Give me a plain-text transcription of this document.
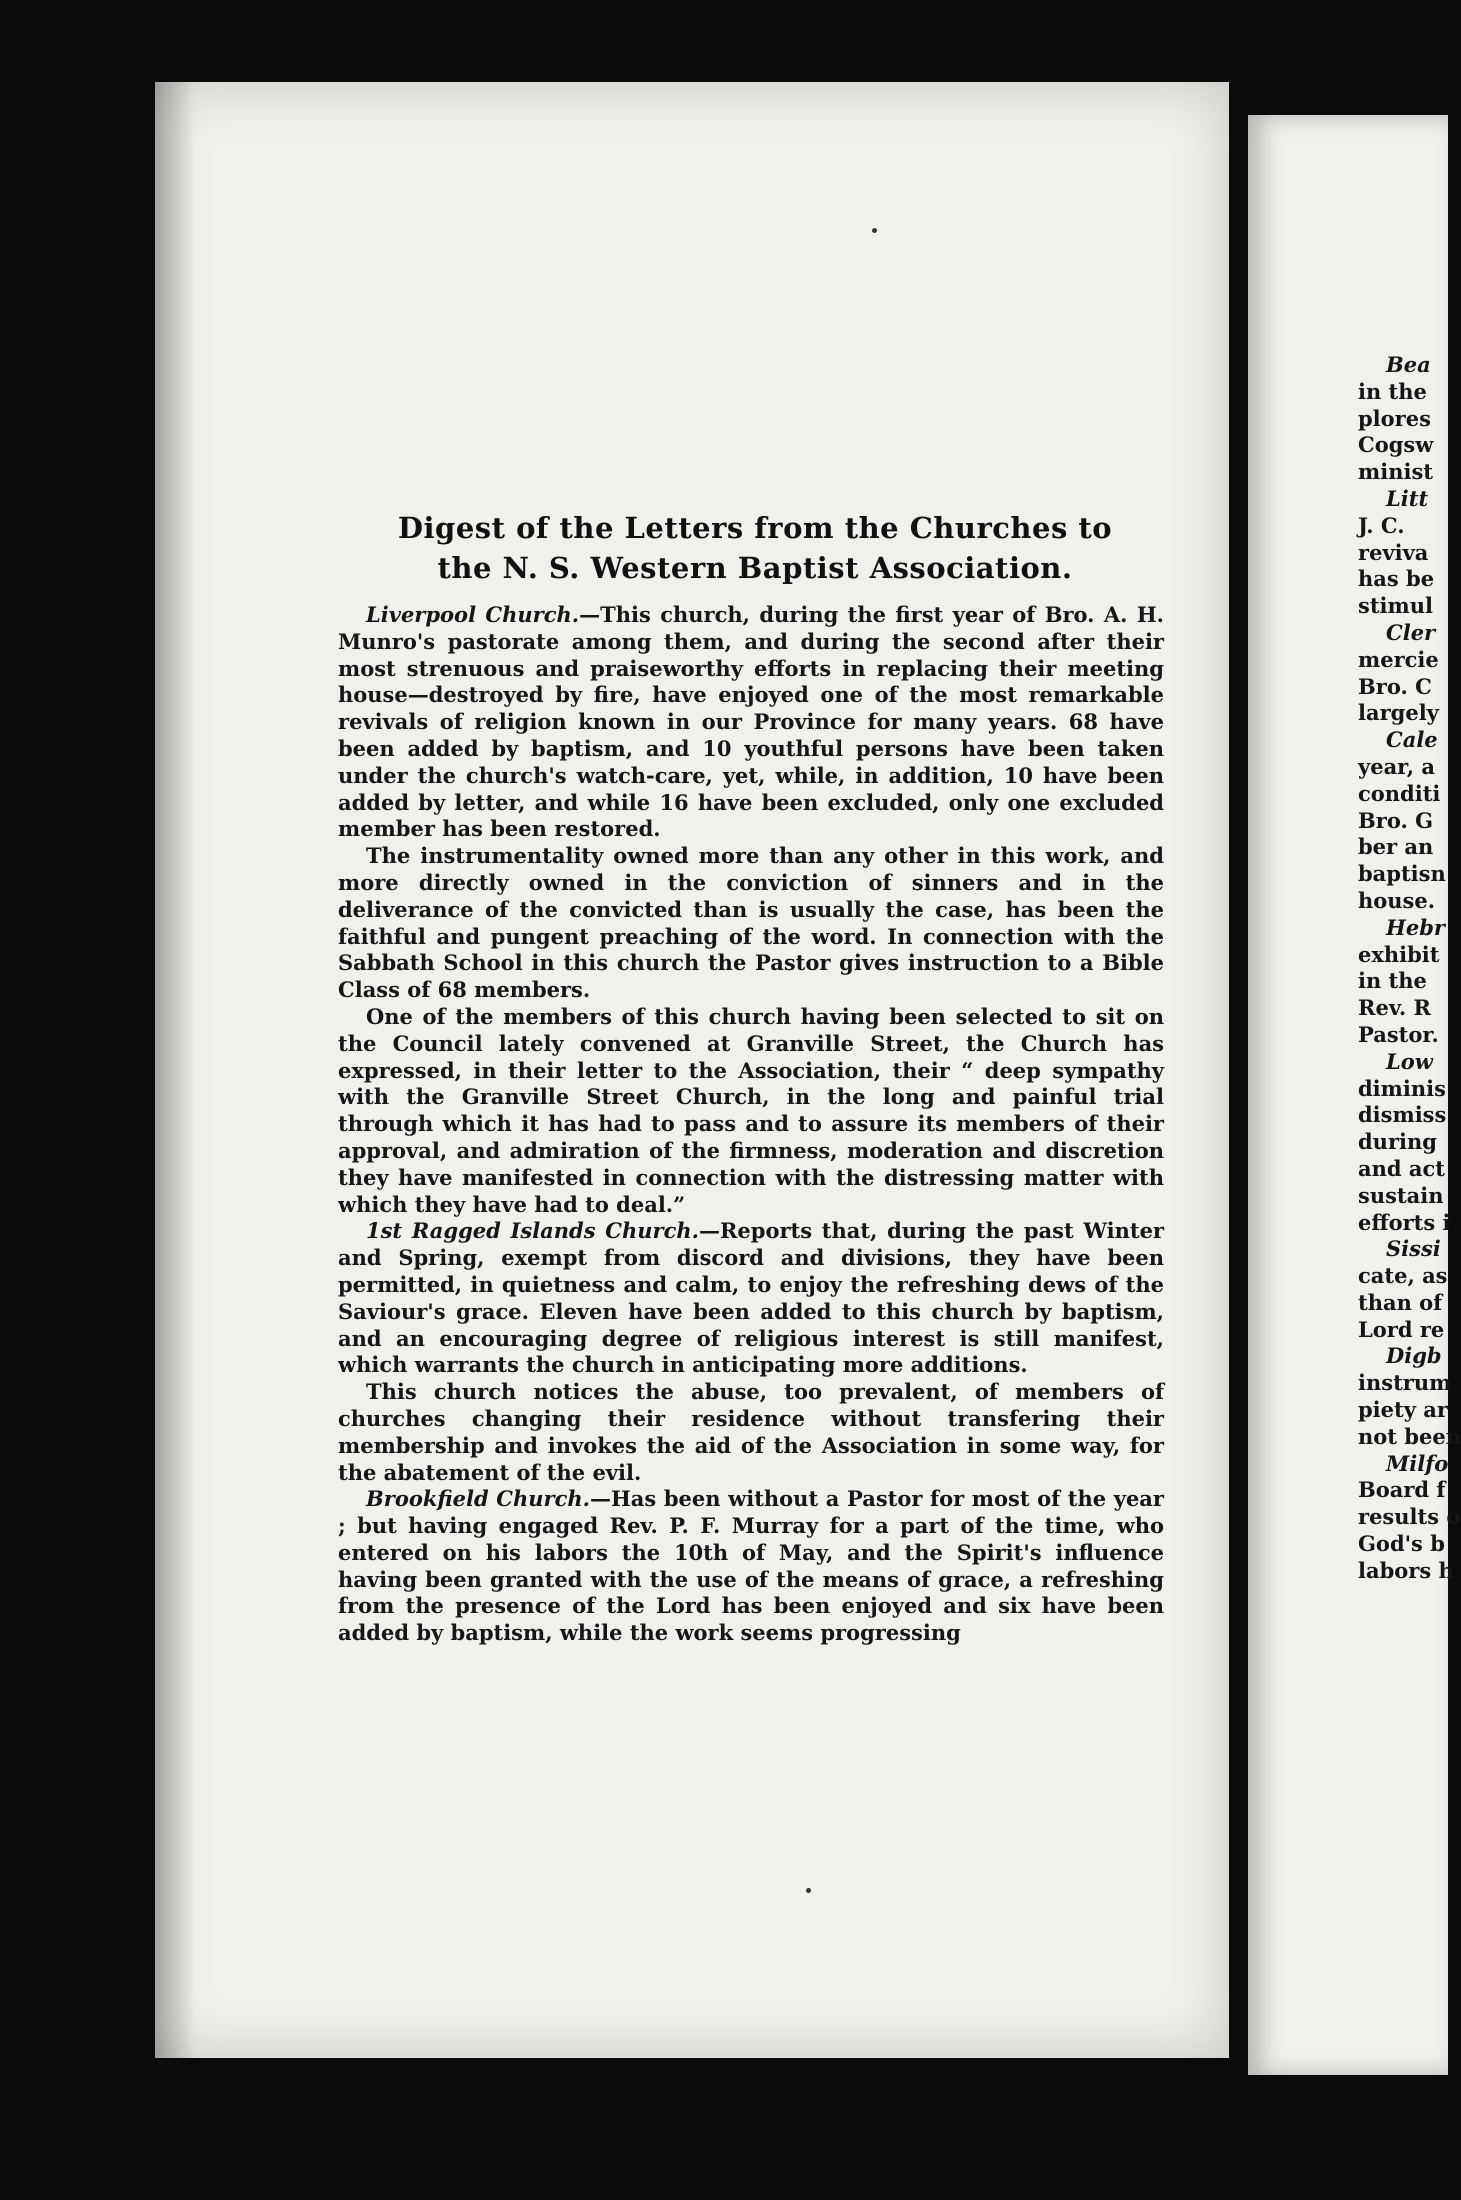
Digest of the Letters from the Churches to
the N. S. Western Baptist Association.

Liverpool Church.—This church, during the first year of Bro. A. H. Munro's pastorate among them, and during the second after their most strenuous and praiseworthy efforts in replacing their meeting house—destroyed by fire, have enjoyed one of the most remarkable revivals of religion known in our Province for many years. 68 have been added by baptism, and 10 youthful persons have been taken under the church's watch-care, yet, while, in addition, 10 have been added by letter, and while 16 have been excluded, only one excluded member has been restored.

The instrumentality owned more than any other in this work, and more directly owned in the conviction of sinners and in the deliverance of the convicted than is usually the case, has been the faithful and pungent preaching of the word. In connection with the Sabbath School in this church the Pastor gives instruction to a Bible Class of 68 members.

One of the members of this church having been selected to sit on the Council lately convened at Granville Street, the Church has expressed, in their letter to the Association, their “ deep sympathy with the Granville Street Church, in the long and painful trial through which it has had to pass and to assure its members of their approval, and admiration of the firmness, moderation and discretion they have manifested in connection with the distressing matter with which they have had to deal.”

1st Ragged Islands Church.—Reports that, during the past Winter and Spring, exempt from discord and divisions, they have been permitted, in quietness and calm, to enjoy the refreshing dews of the Saviour's grace. Eleven have been added to this church by baptism, and an encouraging degree of religious interest is still manifest, which warrants the church in anticipating more additions.

This church notices the abuse, too prevalent, of members of churches changing their residence without transfering their membership and invokes the aid of the Association in some way, for the abatement of the evil.

Brookfield Church.—Has been without a Pastor for most of the year ; but having engaged Rev. P. F. Murray for a part of the time, who entered on his labors the 10th of May, and the Spirit's influence having been granted with the use of the means of grace, a refreshing from the presence of the Lord has been enjoyed and six have been added by baptism, while the work seems progressing

Bea
in the
plores
Cogsw
minist
Litt
J. C.
reviva
has be
stimul
Cler
mercie
Bro. C
largely
Cale
year, a
conditi
Bro. G
ber an
baptisn
house.
Hebr
exhibit
in the
Rev. R
Pastor.
Low
diminis
dismiss
during
and act
sustain
efforts i
Sissi
cate, as
than of
Lord re
Digb
instrum
piety ar
not been
Milfo
Board f
results o
God's b
labors h
